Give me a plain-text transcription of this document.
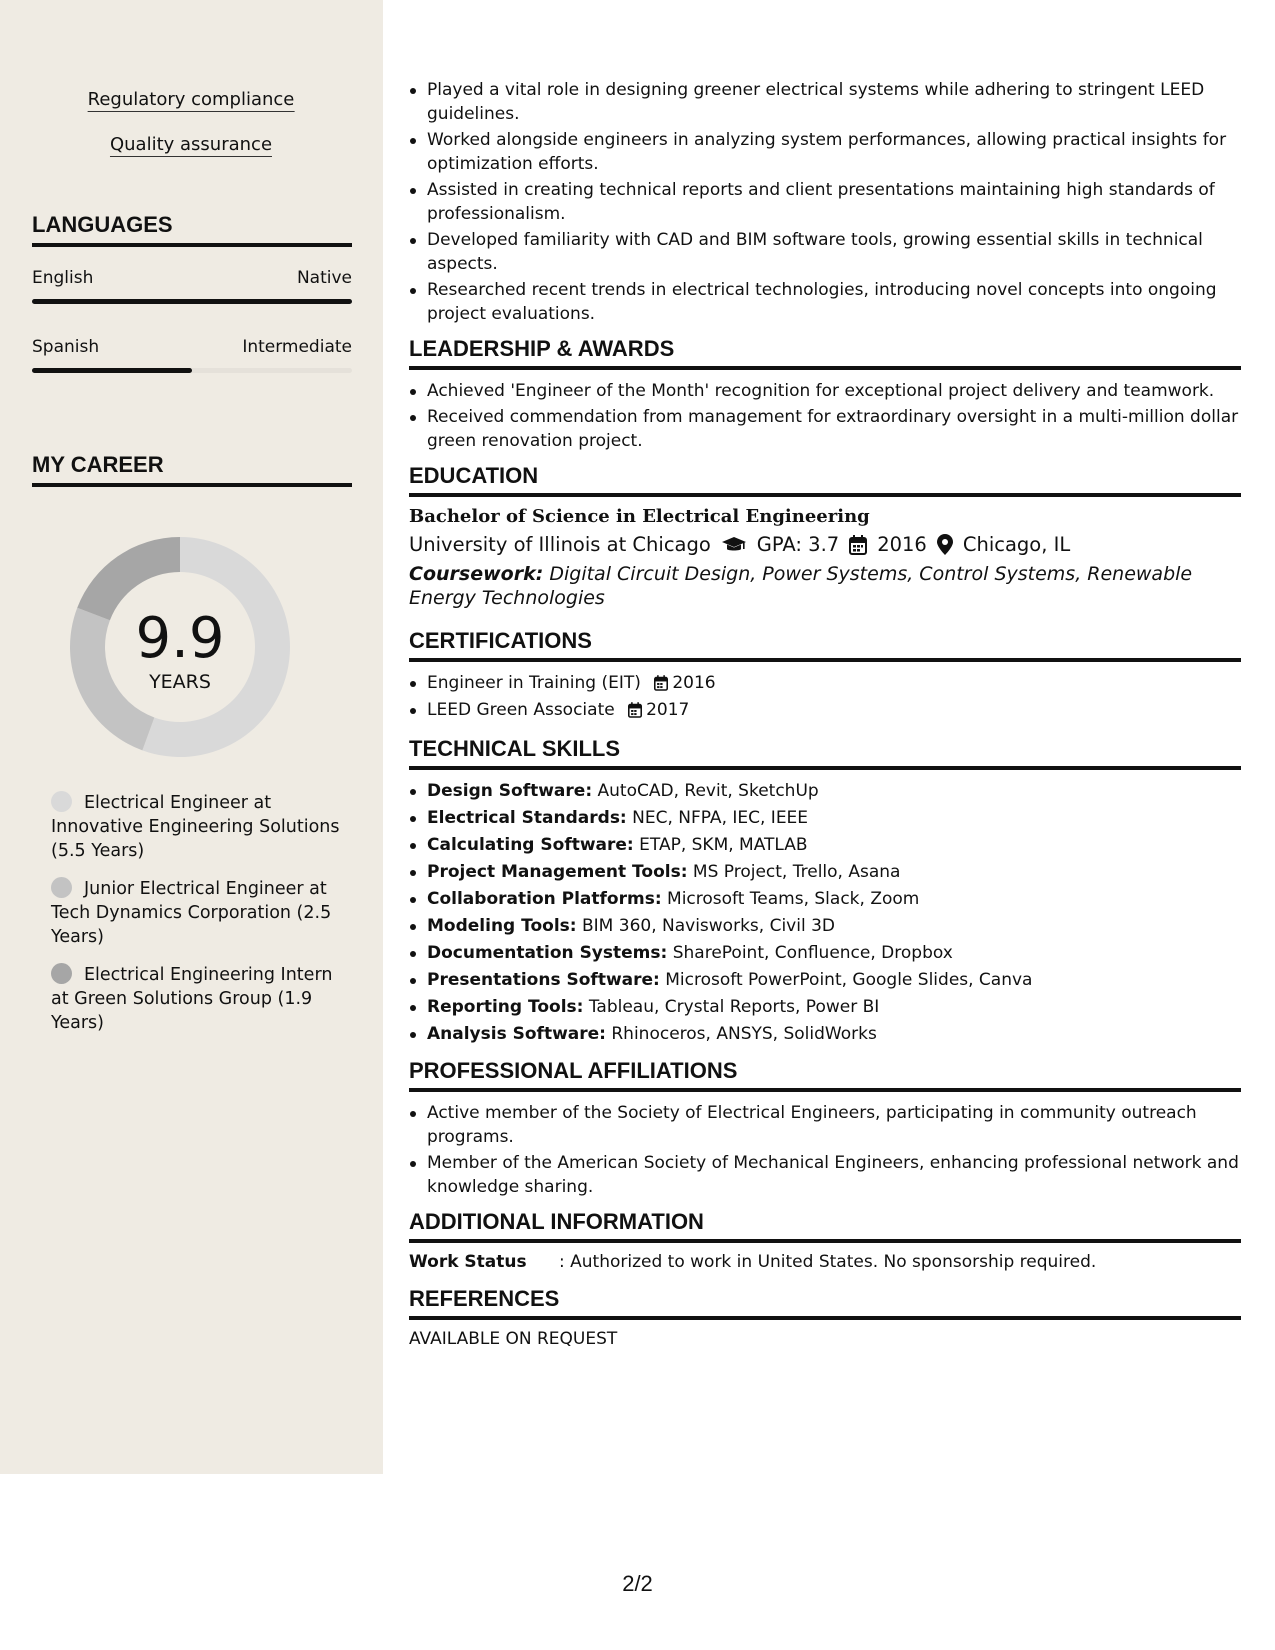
Regulatory compliance
Quality assurance
LANGUAGES
English	Native
Spanish	Intermediate
MY CAREER
9.9
YEARS
Electrical Engineer at Innovative Engineering Solutions (5.5 Years)
Junior Electrical Engineer at Tech Dynamics Corporation (2.5 Years)
Electrical Engineering Intern at Green Solutions Group (1.9 Years)
Played a vital role in designing greener electrical systems while adhering to stringent LEED guidelines.
Worked alongside engineers in analyzing system performances, allowing practical insights for optimization efforts.
Assisted in creating technical reports and client presentations maintaining high standards of professionalism.
Developed familiarity with CAD and BIM software tools, growing essential skills in technical aspects.
Researched recent trends in electrical technologies, introducing novel concepts into ongoing project evaluations.
LEADERSHIP & AWARDS
Achieved 'Engineer of the Month' recognition for exceptional project delivery and teamwork.
Received commendation from management for extraordinary oversight in a multi-million dollar green renovation project.
EDUCATION
Bachelor of Science in Electrical Engineering
University of Illinois at Chicago GPA: 3.7 2016 Chicago, IL
Coursework: Digital Circuit Design, Power Systems, Control Systems, Renewable Energy Technologies
CERTIFICATIONS
Engineer in Training (EIT) 2016
LEED Green Associate 2017
TECHNICAL SKILLS
Design Software: AutoCAD, Revit, SketchUp
Electrical Standards: NEC, NFPA, IEC, IEEE
Calculating Software: ETAP, SKM, MATLAB
Project Management Tools: MS Project, Trello, Asana
Collaboration Platforms: Microsoft Teams, Slack, Zoom
Modeling Tools: BIM 360, Navisworks, Civil 3D
Documentation Systems: SharePoint, Confluence, Dropbox
Presentations Software: Microsoft PowerPoint, Google Slides, Canva
Reporting Tools: Tableau, Crystal Reports, Power BI
Analysis Software: Rhinoceros, ANSYS, SolidWorks
PROFESSIONAL AFFILIATIONS
Active member of the Society of Electrical Engineers, participating in community outreach programs.
Member of the American Society of Mechanical Engineers, enhancing professional network and knowledge sharing.
ADDITIONAL INFORMATION
Work Status	: Authorized to work in United States. No sponsorship required.
REFERENCES
AVAILABLE ON REQUEST
2/2
